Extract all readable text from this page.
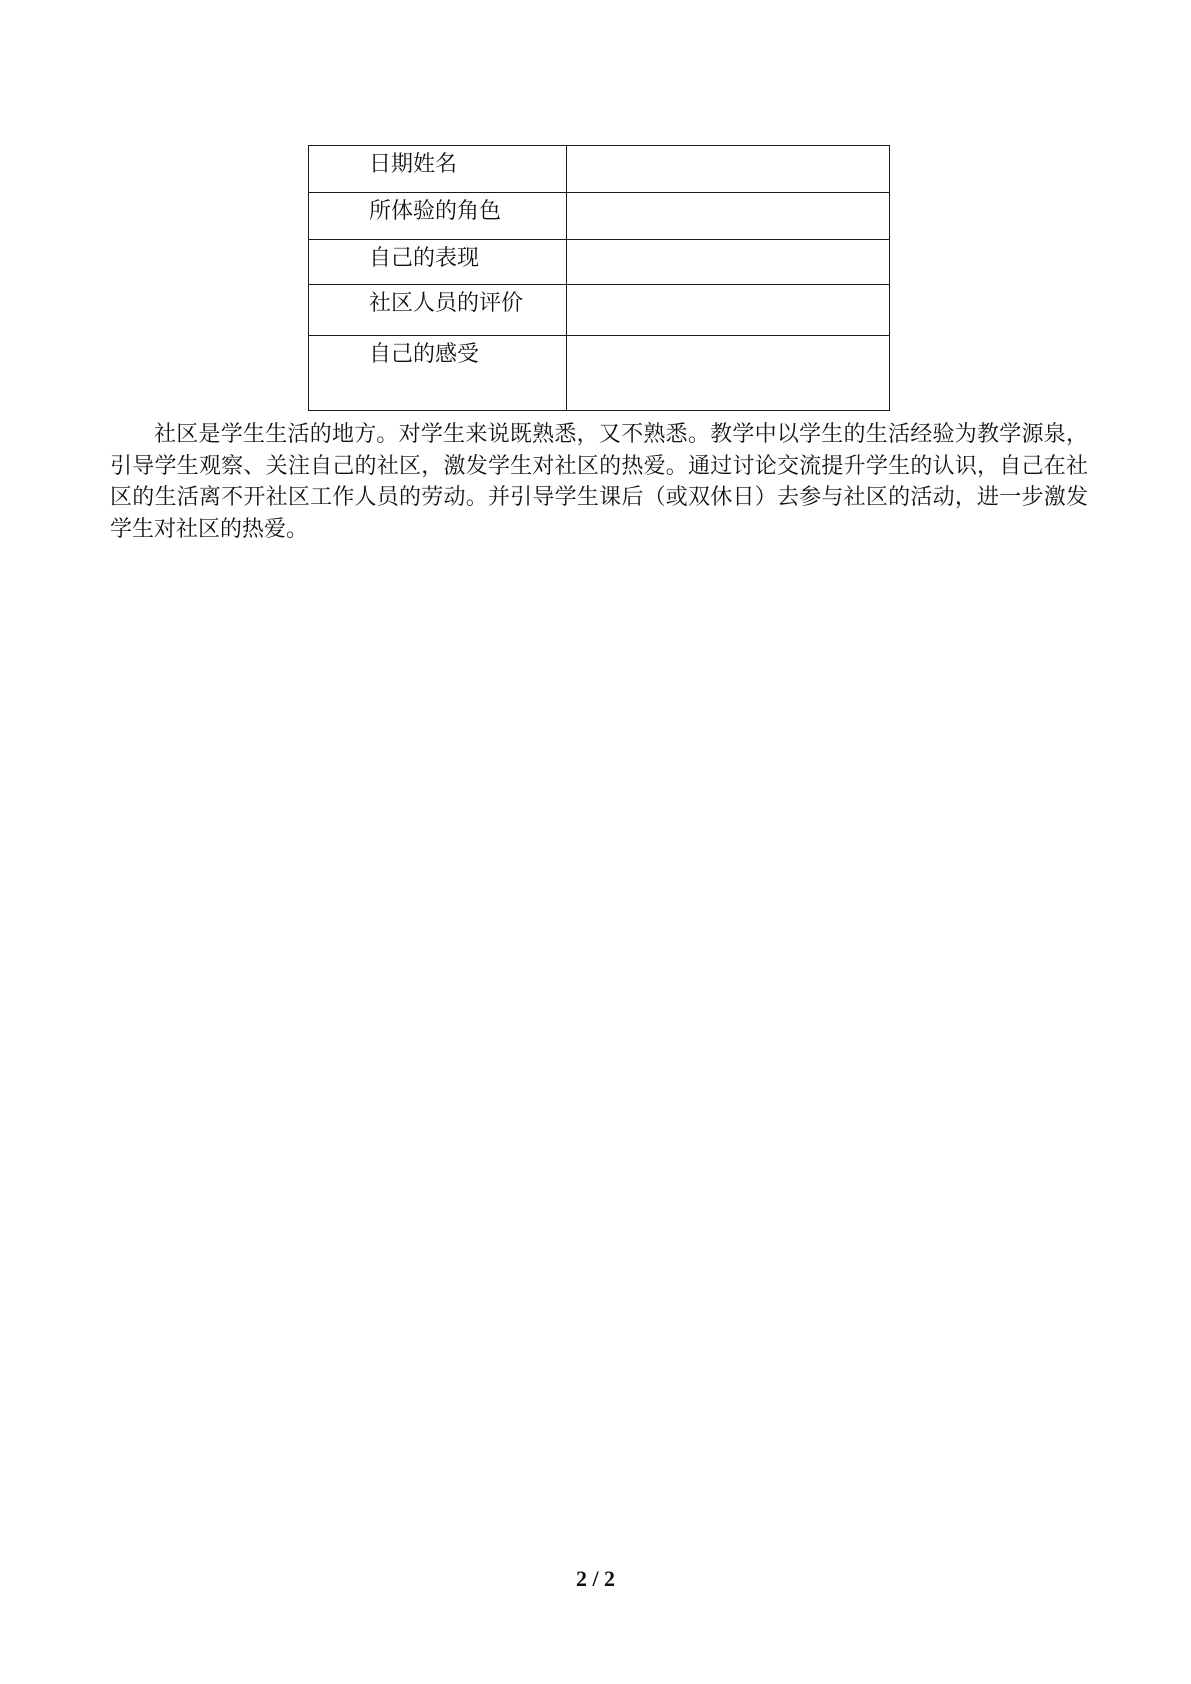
日期姓名	
所体验的角色	
自己的表现	
社区人员的评价	
自己的感受	

社区是学生生活的地方。对学生来说既熟悉，又不熟悉。教学中以学生的生活经验为教学源泉，引导学生观察、关注自己的社区，激发学生对社区的热爱。通过讨论交流提升学生的认识，自己在社区的生活离不开社区工作人员的劳动。并引导学生课后（或双休日）去参与社区的活动，进一步激发学生对社区的热爱。

2 / 2
